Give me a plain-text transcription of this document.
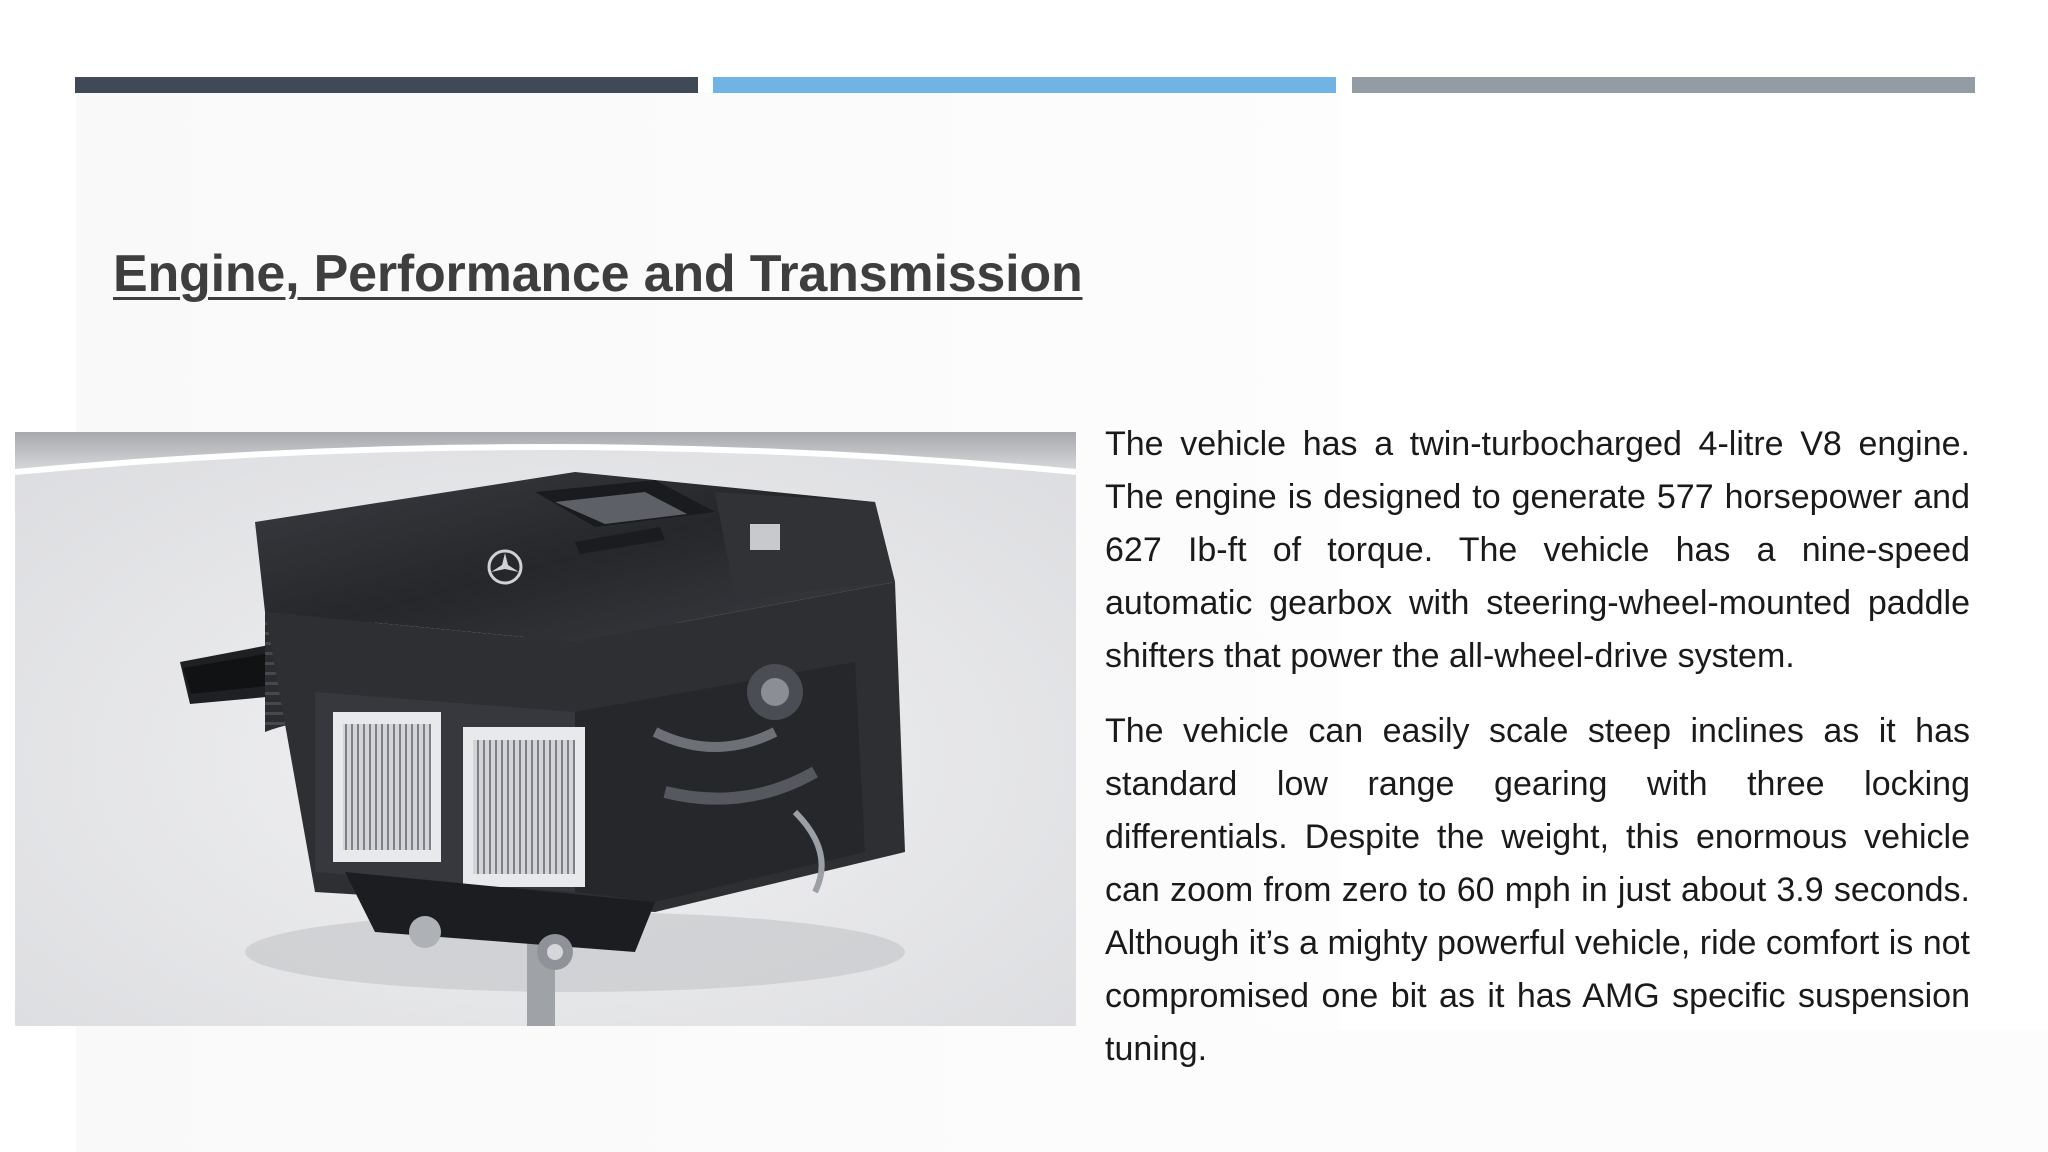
Engine, Performance and Transmission

The vehicle has a twin-turbocharged 4-litre V8 engine. The engine is designed to generate 577 horsepower and 627 Ib-ft of torque. The vehicle has a nine-speed automatic gearbox with steering-wheel-mounted paddle shifters that power the all-wheel-drive system.

The vehicle can easily scale steep inclines as it has standard low range gearing with three locking differentials. Despite the weight, this enormous vehicle can zoom from zero to 60 mph in just about 3.9 seconds. Although it’s a mighty powerful vehicle, ride comfort is not compromised one bit as it has AMG specific suspension tuning.
